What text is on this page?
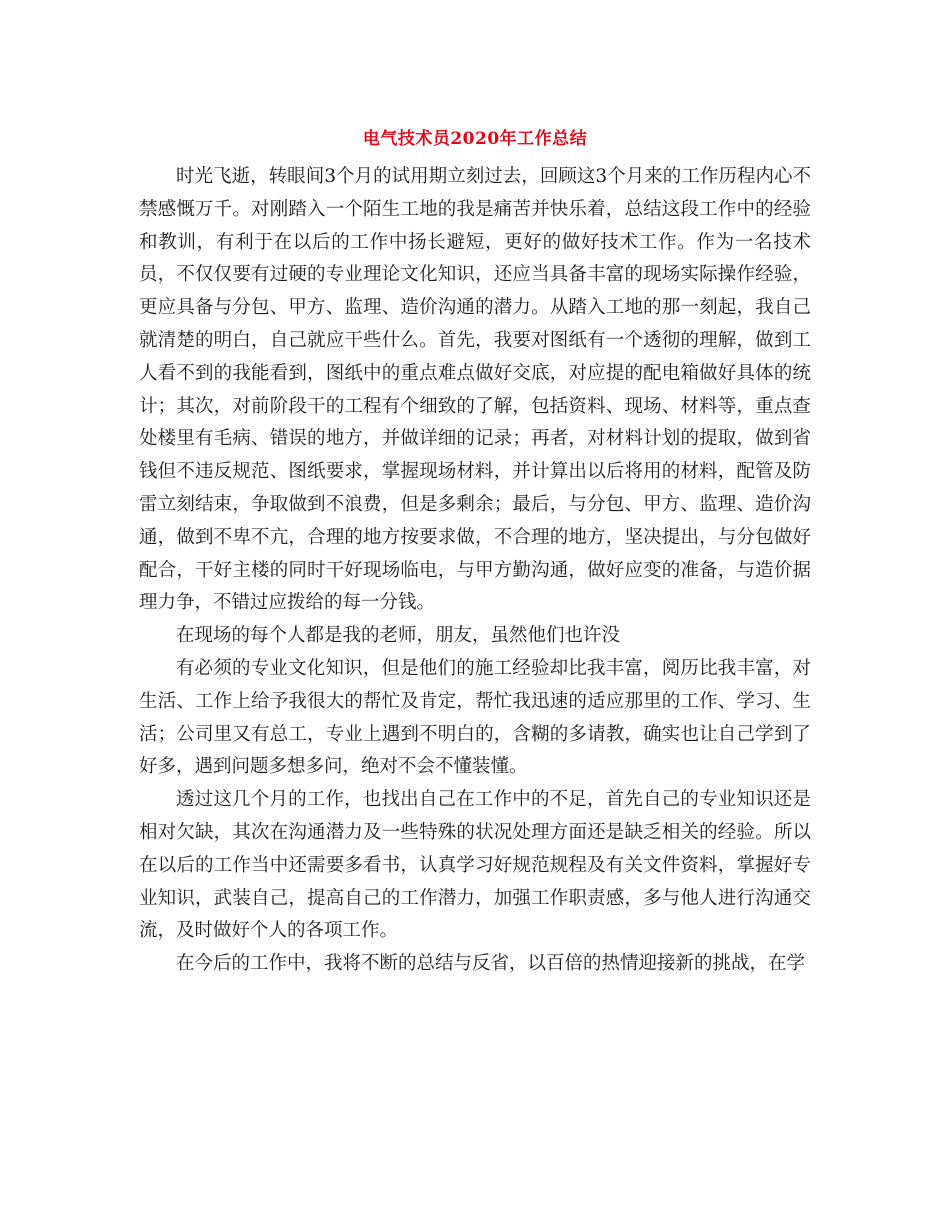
电气技术员2020年工作总结

时光飞逝，转眼间3个月的试用期立刻过去，回顾这3个月来的工作历程内心不禁感慨万千。对刚踏入一个陌生工地的我是痛苦并快乐着，总结这段工作中的经验和教训，有利于在以后的工作中扬长避短，更好的做好技术工作。作为一名技术员，不仅仅要有过硬的专业理论文化知识，还应当具备丰富的现场实际操作经验，更应具备与分包、甲方、监理、造价沟通的潜力。从踏入工地的那一刻起，我自己就清楚的明白，自己就应干些什么。首先，我要对图纸有一个透彻的理解，做到工人看不到的我能看到，图纸中的重点难点做好交底，对应提的配电箱做好具体的统计；其次，对前阶段干的工程有个细致的了解，包括资料、现场、材料等，重点查处楼里有毛病、错误的地方，并做详细的记录；再者，对材料计划的提取，做到省钱但不违反规范、图纸要求，掌握现场材料，并计算出以后将用的材料，配管及防雷立刻结束，争取做到不浪费，但是多剩余；最后，与分包、甲方、监理、造价沟通，做到不卑不亢，合理的地方按要求做，不合理的地方，坚决提出，与分包做好配合，干好主楼的同时干好现场临电，与甲方勤沟通，做好应变的准备，与造价据理力争，不错过应拨给的每一分钱。

在现场的每个人都是我的老师，朋友，虽然他们也许没

有必须的专业文化知识，但是他们的施工经验却比我丰富，阅历比我丰富，对生活、工作上给予我很大的帮忙及肯定，帮忙我迅速的适应那里的工作、学习、生活；公司里又有总工，专业上遇到不明白的，含糊的多请教，确实也让自己学到了好多，遇到问题多想多问，绝对不会不懂装懂。

透过这几个月的工作，也找出自己在工作中的不足，首先自己的专业知识还是相对欠缺，其次在沟通潜力及一些特殊的状况处理方面还是缺乏相关的经验。所以在以后的工作当中还需要多看书，认真学习好规范规程及有关文件资料，掌握好专业知识，武装自己，提高自己的工作潜力，加强工作职责感，多与他人进行沟通交流，及时做好个人的各项工作。

在今后的工作中，我将不断的总结与反省，以百倍的热情迎接新的挑战，在学
